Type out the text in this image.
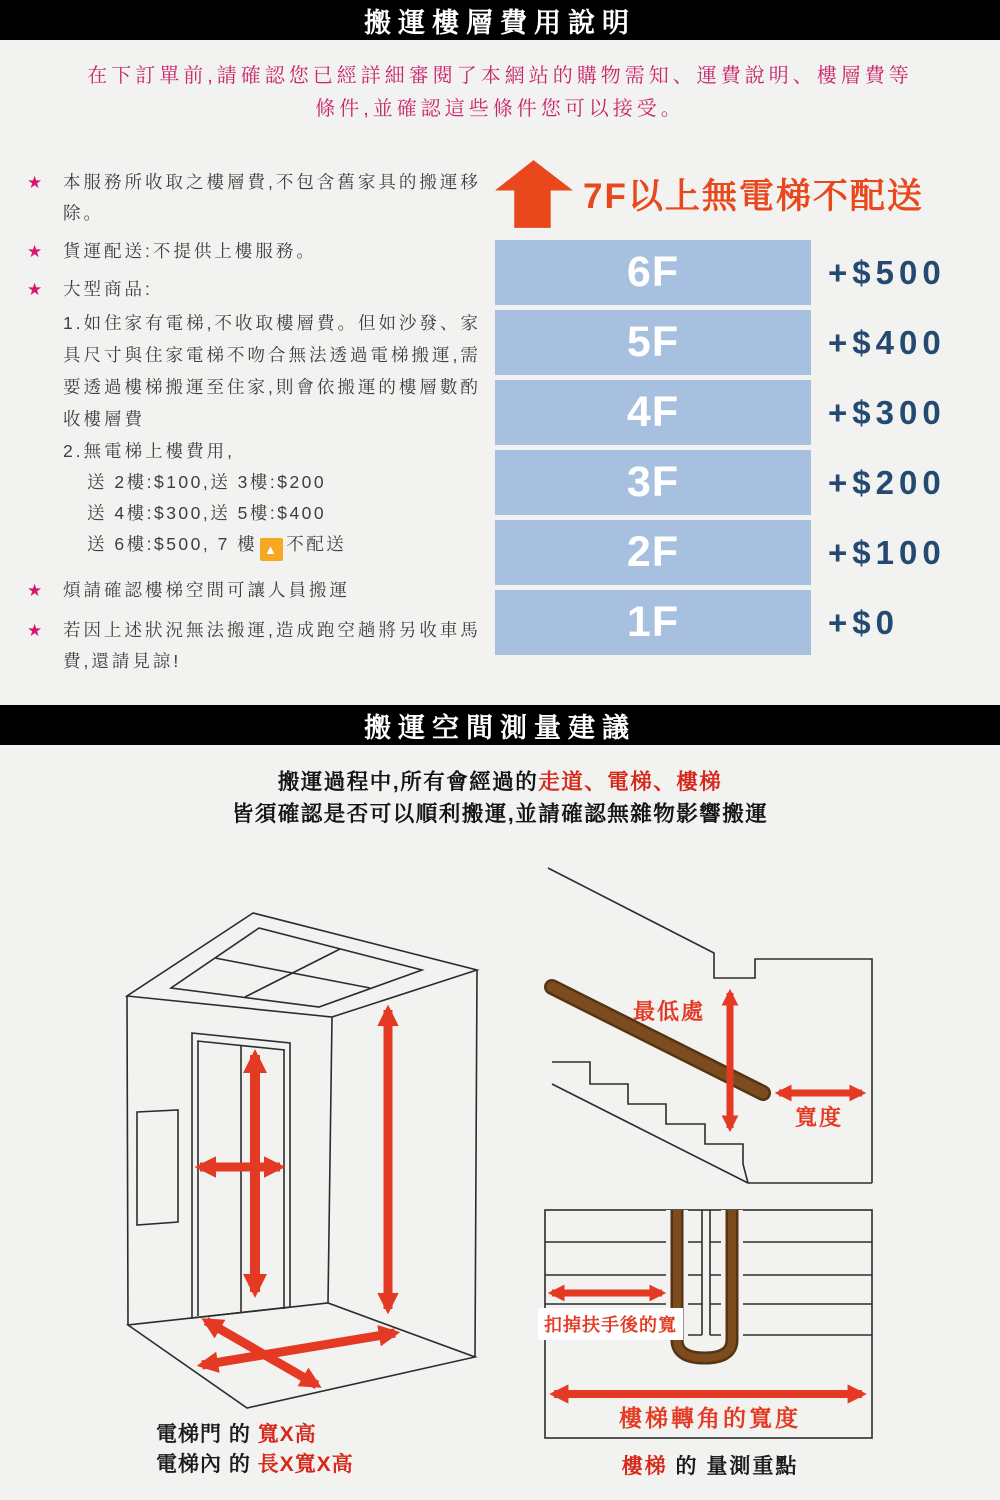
搬運樓層費用說明
在下訂單前,請確認您已經詳細審閱了本網站的購物需知、運費說明、樓層費等
條件,並確認這些條件您可以接受。
★	本服務所收取之樓層費,不包含舊家具的搬運移除。
★	貨運配送:不提供上樓服務。
★	大型商品:
1.如住家有電梯,不收取樓層費。但如沙發、家具尺寸與住家電梯不吻合無法透過電梯搬運,需要透過樓梯搬運至住家,則會依搬運的樓層數酌收樓層費
2.無電梯上樓費用,
送 2樓:$100,送 3樓:$200
送 4樓:$300,送 5樓:$400
送 6樓:$500, 7 樓 ▲ 不配送
★	煩請確認樓梯空間可讓人員搬運
★	若因上述狀況無法搬運,造成跑空趟將另收車馬費,還請見諒!
7F以上無電梯不配送
6F	+$500
5F	+$400
4F	+$300
3F	+$200
2F	+$100
1F	+$0
搬運空間測量建議
搬運過程中,所有會經過的走道、電梯、樓梯
皆須確認是否可以順利搬運,並請確認無雜物影響搬運
最低處
寬度
扣掉扶手後的寬
樓梯轉角的寬度
電梯門 的 寬X高
電梯內 的 長X寬X高	樓梯 的 量測重點
